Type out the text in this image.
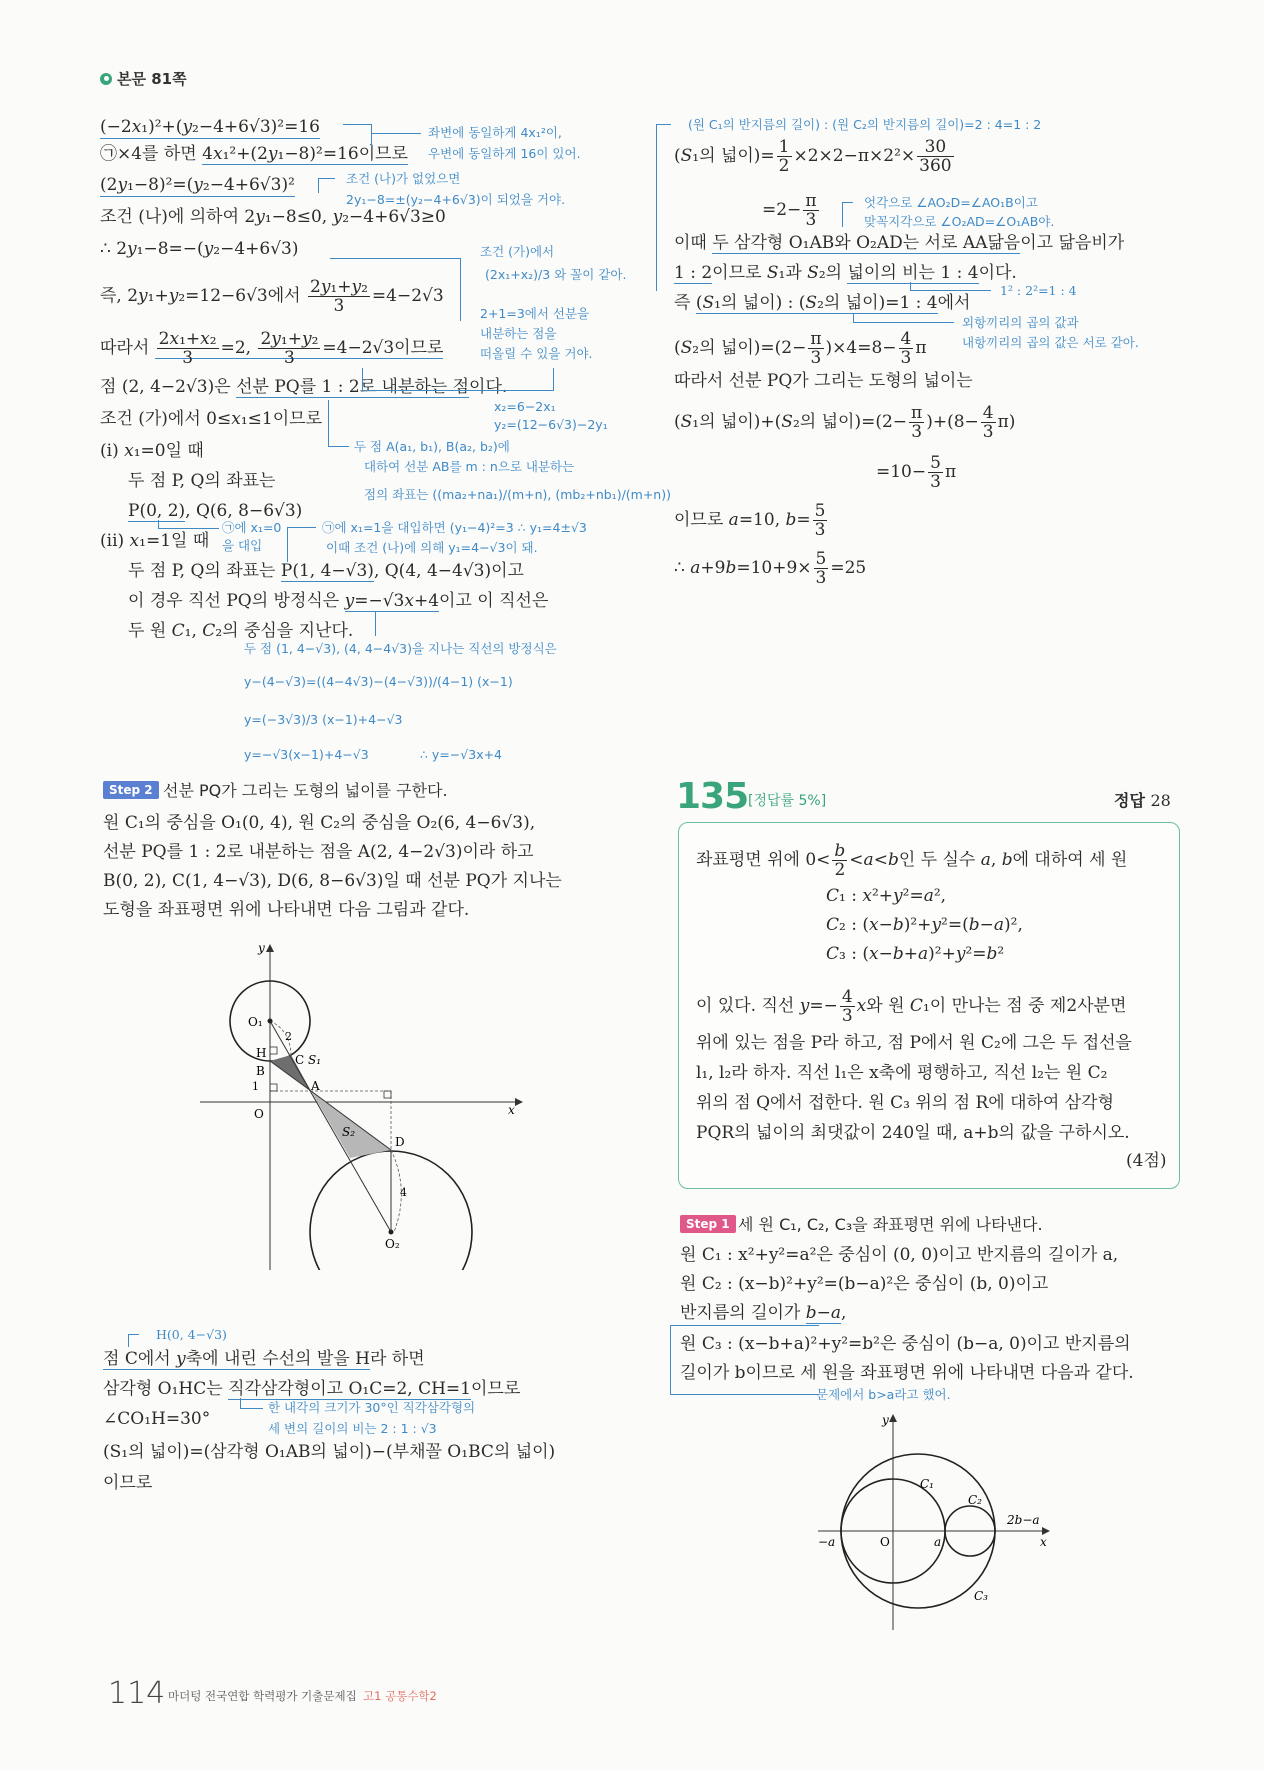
본문 81쪽
(−2x₁)²+(y₂−4+6√3)²=16
㉠×4를 하면 4x₁²+(2y₁−8)²=16이므로
(2y₁−8)²=(y₂−4+6√3)²
조건 (나)에 의하여 2y₁−8≤0, y₂−4+6√3≥0
∴ 2y₁−8=−(y₂−4+6√3)
즉, 2y₁+y₂=12−6√3에서 $\frac{\text{2y₁+y₂}}{3} =4-2√3$
따라서 $\frac{\text{2x₁+x₂}}{3} =2$, $\frac{\text{2y₁+y₂}}{3} =4-2√3$이므로
점 (2, 4−2√3)은 선분 PQ를 1 : 2로 내분하는 점이다.
조건 (가)에서 0≤x₁≤1이므로
(i) x₁=0일 때
두 점 P, Q의 좌표는
P(0, 2), Q(6, 8−6√3)
(ii) x₁=1일 때
두 점 P, Q의 좌표는 P(1, 4−√3), Q(4, 4−4√3)이고
이 경우 직선 PQ의 방정식은 y=−√3x+4이고 이 직선은
두 원 C₁, C₂의 중심을 지난다.
좌변에 동일하게 4x₁²이,
우변에 동일하게 16이 있어.
조건 (나)가 없었으면
2y₁−8=±(y₂−4+6√3)이 되었을 거야.
조건 (가)에서
(2x₁+x₂)/3 와 꼴이 같아.
2+1=3에서 선분을
내분하는 점을
떠올릴 수 있을 거야.
x₂=6−2x₁
y₂=(12−6√3)−2y₁
두 점 A(a₁, b₁), B(a₂, b₂)에
대하여 선분 AB를 m : n으로 내분하는
점의 좌표는 ((ma₂+na₁)/(m+n), (mb₂+nb₁)/(m+n))
㉠에 x₁=0
을 대입
㉠에 x₁=1을 대입하면 (y₁−4)²=3 ∴ y₁=4±√3
이때 조건 (나)에 의해 y₁=4−√3이 돼.
두 점 (1, 4−√3), (4, 4−4√3)을 지나는 직선의 방정식은
y−(4−√3)=((4−4√3)−(4−√3))/(4−1) (x−1)
y=(−3√3)/3 (x−1)+4−√3
y=−√3(x−1)+4−√3	∴ y=−√3x+4
Step 2 선분 PQ가 그리는 도형의 넓이를 구한다.
원 C₁의 중심을 O₁(0, 4), 원 C₂의 중심을 O₂(6, 4−6√3),
선분 PQ를 1 : 2로 내분하는 점을 A(2, 4−2√3)이라 하고
B(0, 2), C(1, 4−√3), D(6, 8−6√3)일 때 선분 PQ가 지나는
도형을 좌표평면 위에 나타내면 다음 그림과 같다.
y
x
O
O₁
O₂
H
B
C S₁
A
D
S₂
2
4
1
H(0, 4−√3)
점 C에서 y축에 내린 수선의 발을 H라 하면
삼각형 O₁HC는 직각삼각형이고 O₁C=2, CH=1이므로
∠CO₁H=30°
한 내각의 크기가 30°인 직각삼각형의
세 변의 길이의 비는 2 : 1 : √3
(S₁의 넓이)=(삼각형 O₁AB의 넓이)−(부채꼴 O₁BC의 넓이)
이므로
(원 C₁의 반지름의 길이) : (원 C₂의 반지름의 길이)=2 : 4=1 : 2
(S₁의 넓이)= $\frac{1}{2} \times 2\times 2-\pi\times 2^2\times \frac{30}{360}$
$=2- \frac{\pi}{3}$	엇각으로 ∠AO₂D=∠AO₁B이고
맞꼭지각으로 ∠O₂AD=∠O₁AB야.
이때 두 삼각형 O₁AB와 O₂AD는 서로 AA닮음이고 닮음비가
1 : 2이므로 S₁과 S₂의 넓이의 비는 1 : 4이다.
1² : 2²=1 : 4
즉 (S₁의 넓이) : (S₂의 넓이)=1 : 4에서
외항끼리의 곱의 값과
내항끼리의 곱의 값은 서로 같아.
(S₂의 넓이)$=(2- \frac{\pi}{3} )\times 4=8- \frac{4}{3}$ π
따라서 선분 PQ가 그리는 도형의 넓이는
(S₁의 넓이)+(S₂의 넓이)$=(2- \frac{\pi}{3} )+(8- \frac{4}{3} \pi)$
$=10- \frac{5}{3}$ π
이므로 a=10, $b= \frac{5}{3}$
∴ $a+9b=10+9\times \frac{5}{3} =25$
135 [정답률 5%]	정답 28
좌표평면 위에 $0< \frac{b}{2} <a<b$인 두 실수 a, b에 대하여 세 원
C₁ : x²+y²=a²,
C₂ : (x−b)²+y²=(b−a)²,
C₃ : (x−b+a)²+y²=b²
이 있다. 직선 $y=- \frac{4}{3}$ x와 원 C₁이 만나는 점 중 제2사분면
위에 있는 점을 P라 하고, 점 P에서 원 C₂에 그은 두 접선을
l₁, l₂라 하자. 직선 l₁은 x축에 평행하고, 직선 l₂는 원 C₂
위의 점 Q에서 접한다. 원 C₃ 위의 점 R에 대하여 삼각형
PQR의 넓이의 최댓값이 240일 때, a+b의 값을 구하시오.
(4점)
Step 1 세 원 C₁, C₂, C₃을 좌표평면 위에 나타낸다.
원 C₁ : x²+y²=a²은 중심이 (0, 0)이고 반지름의 길이가 a,
원 C₂ : (x−b)²+y²=(b−a)²은 중심이 (b, 0)이고
반지름의 길이가 b−a,
원 C₃ : (x−b+a)²+y²=b²은 중심이 (b−a, 0)이고 반지름의
길이가 b이므로 세 원을 좌표평면 위에 나타내면 다음과 같다.
문제에서 b>a라고 했어.
y
x
O
−a	a
2b−a
C₁
C₂
C₃
114 마더텅 전국연합 학력평가 기출문제집 고1 공통수학2
